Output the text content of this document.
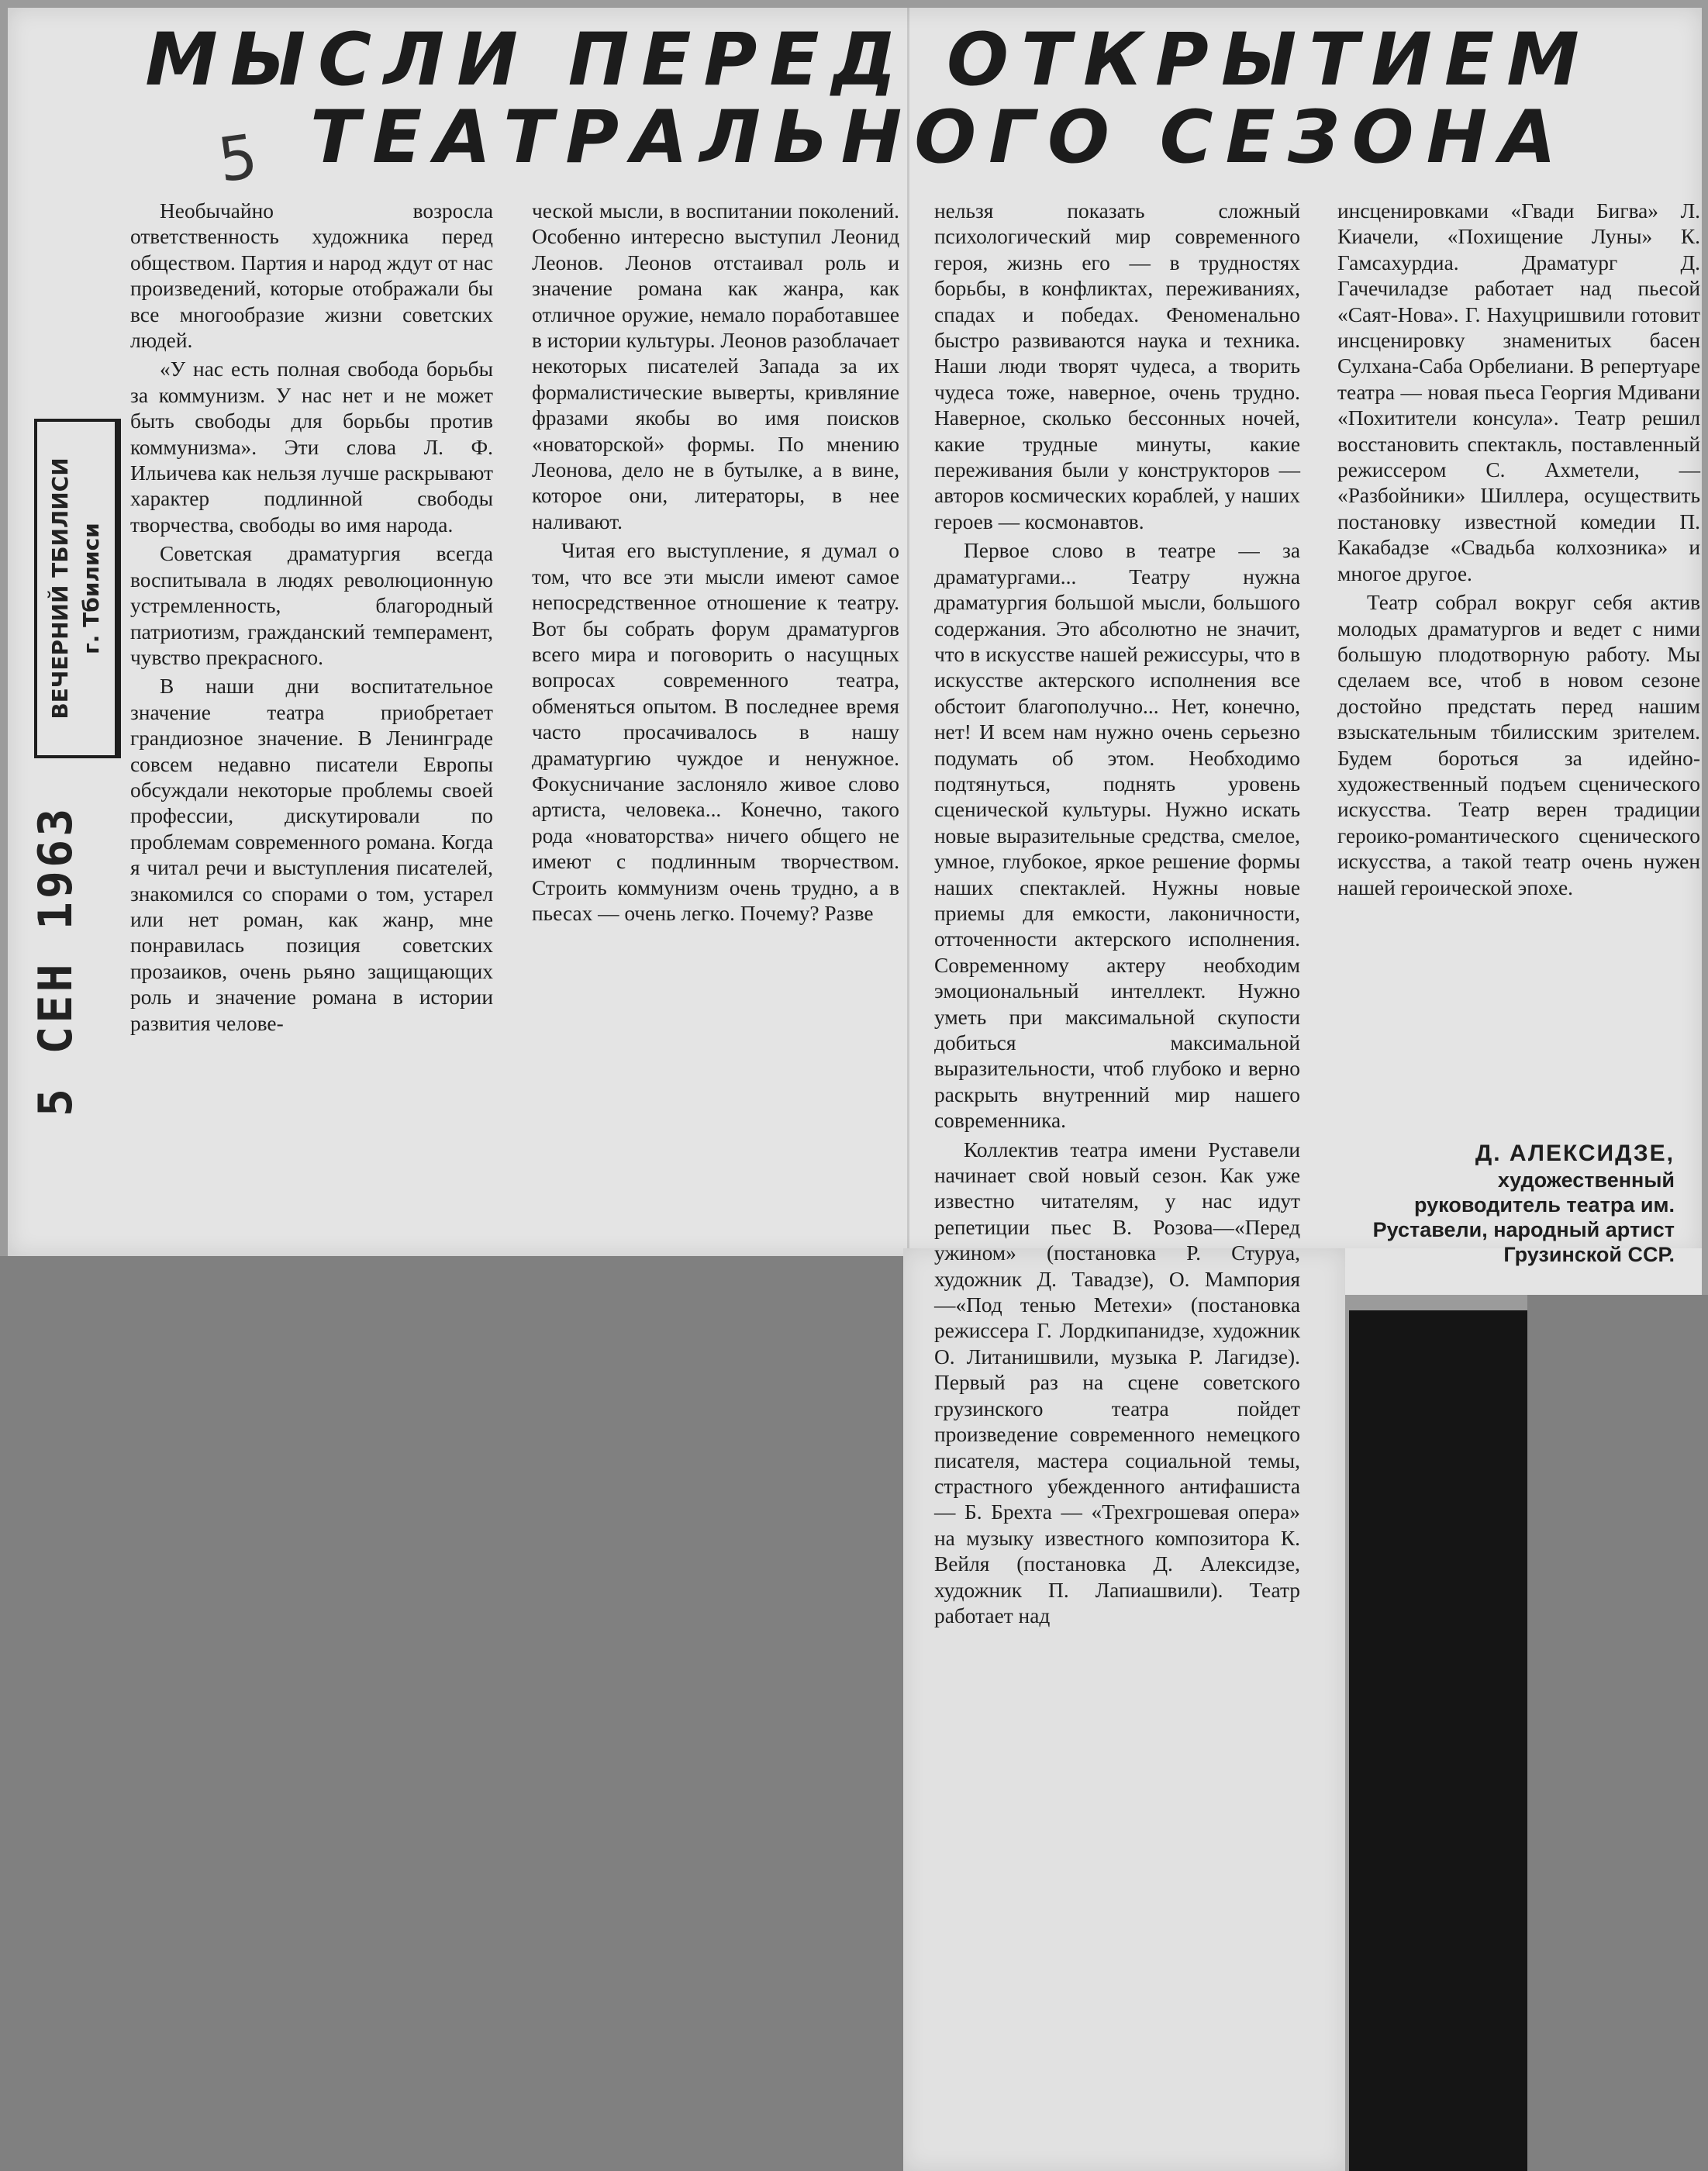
МЫСЛИ ПЕРЕД ОТКРЫТИЕМ
ТЕАТРАЛЬНОГО СЕЗОНА
5
ВЕЧЕРНИЙ ТБИЛИСИ г. Тбилиси
5 СЕН 1963

Необычайно возросла ответственность художника перед обществом. Партия и народ ждут от нас произведений, которые отображали бы все многообразие жизни советских людей.

«У нас есть полная свобода борьбы за коммунизм. У нас нет и не может быть свободы для борьбы против коммунизма». Эти слова Л. Ф. Ильичева как нельзя лучше раскрывают характер подлинной свободы творчества, свободы во имя народа.

Советская драматургия всегда воспитывала в людях революционную устремленность, благородный патриотизм, гражданский темперамент, чувство прекрасного.

В наши дни воспитательное значение театра приобретает грандиозное значение. В Ленинграде совсем недавно писатели Европы обсуждали некоторые проблемы своей профессии, дискутировали по проблемам современного романа. Когда я читал речи и выступления писателей, знакомился со спорами о том, устарел или нет роман, как жанр, мне понравилась позиция советских прозаиков, очень рьяно защищающих роль и значение романа в истории развития челове-

ческой мысли, в воспитании поколений. Особенно интересно выступил Леонид Леонов. Леонов отстаивал роль и значение романа как жанра, как отличное оружие, немало поработавшее в истории культуры. Леонов разоблачает некоторых писателей Запада за их формалистические выверты, кривляние фразами якобы во имя поисков «новаторской» формы. По мнению Леонова, дело не в бутылке, а в вине, которое они, литераторы, в нее наливают.

Читая его выступление, я думал о том, что все эти мысли имеют самое непосредственное отношение к театру. Вот бы собрать форум драматургов всего мира и поговорить о насущных вопросах современного театра, обменяться опытом. В последнее время часто просачивалось в нашу драматургию чуждое и ненужное. Фокусничание заслоняло живое слово артиста, человека... Конечно, такого рода «новаторства» ничего общего не имеют с подлинным творчеством. Строить коммунизм очень трудно, а в пьесах — очень легко. Почему? Разве

нельзя показать сложный психологический мир современного героя, жизнь его — в трудностях борьбы, в конфликтах, переживаниях, спадах и победах. Феноменально быстро развиваются наука и техника. Наши люди творят чудеса, а творить чудеса тоже, наверное, очень трудно. Наверное, сколько бессонных ночей, какие трудные минуты, какие переживания были у конструкторов — авторов космических кораблей, у наших героев — космонавтов.

Первое слово в театре — за драматургами... Театру нужна драматургия большой мысли, большого содержания. Это абсолютно не значит, что в искусстве нашей режиссуры, что в искусстве актерского исполнения все обстоит благополучно... Нет, конечно, нет! И всем нам нужно очень серьезно подумать об этом. Необходимо подтянуться, поднять уровень сценической культуры. Нужно искать новые выразительные средства, смелое, умное, глубокое, яркое решение формы наших спектаклей. Нужны новые приемы для емкости, лаконичности, отточенности актерского исполнения. Современному актеру необходим эмоциональный интеллект. Нужно уметь при максимальной скупости добиться максимальной выразительности, чтоб глубоко и верно раскрыть внутренний мир нашего современника.

Коллектив театра имени Руставели начинает свой новый сезон. Как уже известно читателям, у нас идут репетиции пьес В. Розова—«Перед ужином» (постановка Р. Стуруа, художник Д. Тавадзе), О. Мампория—«Под тенью Метехи» (постановка режиссера Г. Лордкипанидзе, художник О. Литанишвили, музыка Р. Лагидзе). Первый раз на сцене советского грузинского театра пойдет произведение современного немецкого писателя, мастера социальной темы, страстного убежденного антифашиста — Б. Брехта — «Трехгрошевая опера» на музыку известного композитора К. Вейля (постановка Д. Алексидзе, художник П. Лапиашвили). Театр работает над

инсценировками «Гвади Бигва» Л. Киачели, «Похищение Луны» К. Гамсахурдиа. Драматург Д. Гачечиладзе работает над пьесой «Саят-Нова». Г. Нахуцришвили готовит инсценировку знаменитых басен Сулхана-Саба Орбелиани. В репертуаре театра — новая пьеса Георгия Мдивани «Похитители консула». Театр решил восстановить спектакль, поставленный режиссером С. Ахметели, — «Разбойники» Шиллера, осуществить постановку известной комедии П. Какабадзе «Свадьба колхозника» и многое другое.

Театр собрал вокруг себя актив молодых драматургов и ведет с ними большую плодотворную работу. Мы сделаем все, чтоб в новом сезоне достойно предстать перед нашим взыскательным тбилисским зрителем. Будем бороться за идейно-художественный подъем сценического искусства. Театр верен традиции героико-романтического сценического искусства, а такой театр очень нужен нашей героической эпохе.

Д. АЛЕКСИДЗЕ,
художественный руководитель театра им. Руставели, народный артист Грузинской ССР.
